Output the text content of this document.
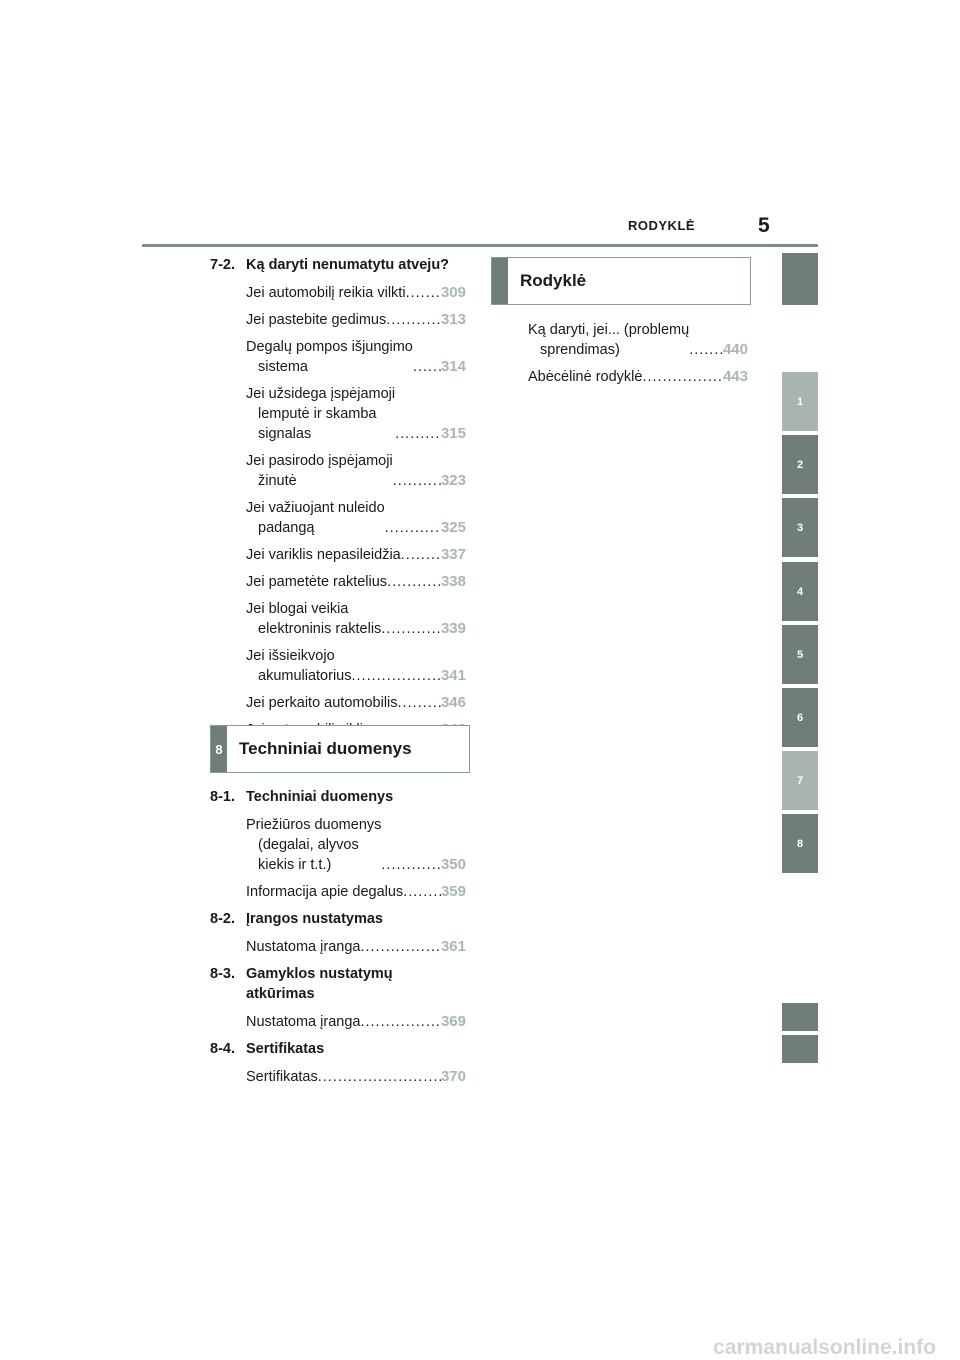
RODYKLĖ	5
1
2
3
4
5
6
7
8
7-2. Ką daryti nenumatytu atveju?
Jei automobilį reikia vilkti ..... 309
Jei pastebite gedimus .....	313
Degalų pompos išjungimo
sistema .....	314
Jei užsidega įspėjamoji
lemputė ir skamba
signalas .....	315
Jei pasirodo įspėjamoji
žinutė .....	323
Jei važiuojant nuleido
padangą .....	325
Jei variklis nepasileidžia .....	337
Jei pametėte raktelius .....	338
Jei blogai veikia
elektroninis raktelis .....	339
Jei išsieikvojo
akumuliatorius .....	341
Jei perkaito automobilis .....	346
.....
8 Techniniai duomenys
8-1. Techniniai duomenys
Priežiūros duomenys
(degalai, alyvos
kiekis ir t.t.) .....	350
Informacija apie degalus .....	359
8-2. Įrangos nustatymas
Nustatoma įranga .....	361
8-3. Gamyklos nustatymų
atkūrimas
Nustatoma įranga .....	369
8-4. Sertifikatas
Sertifikatas .....	370
Rodyklė
Ką daryti, jei... (problemų
sprendimas) .....	440
Abėcėlinė rodyklė .....	443
carmanualsonline.info
